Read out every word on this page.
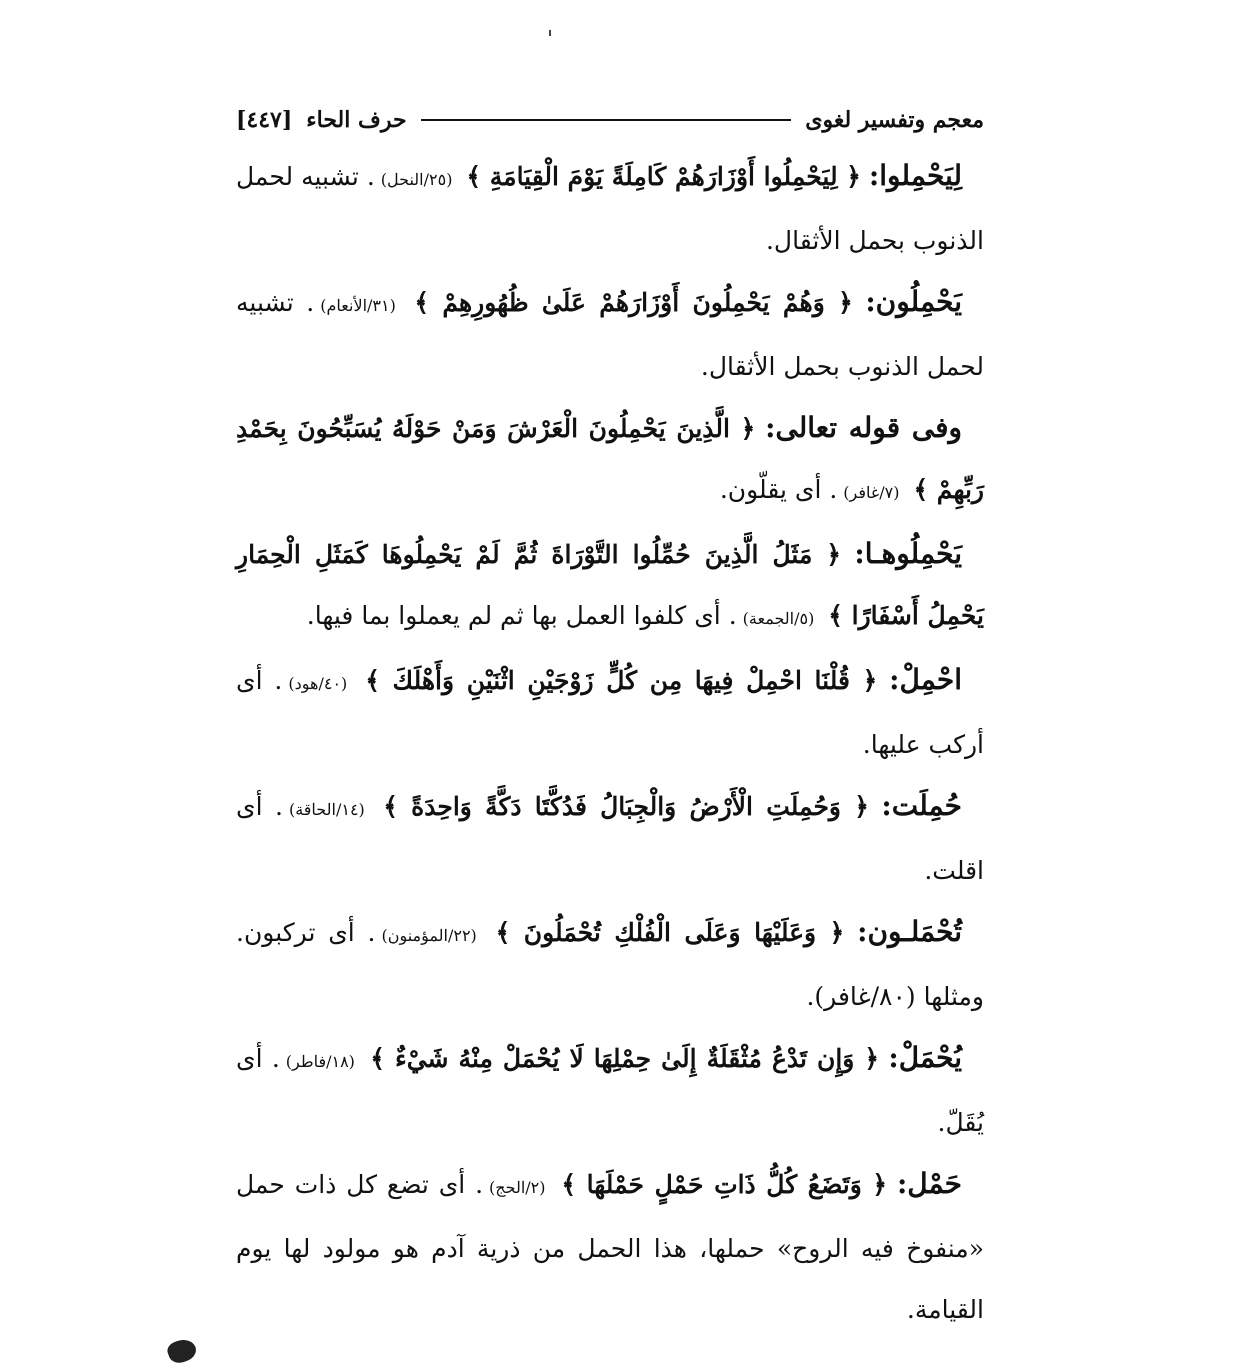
معجم وتفسير لغوى
حرف الحاء
[٤٤٧]
لِيَحْمِلوا: ﴿ لِيَحْمِلُوا أَوْزَارَهُمْ كَامِلَةً يَوْمَ الْقِيَامَةِ ﴾ (٢٥/النحل). تشبيه لحمل الذنوب بحمل الأثقال.
يَحْمِلُون: ﴿ وَهُمْ يَحْمِلُونَ أَوْزَارَهُمْ عَلَىٰ ظُهُورِهِمْ ﴾ (٣١/الأنعام). تشبيه لحمل الذنوب بحمل الأثقال.
وفى قوله تعالى: ﴿ الَّذِينَ يَحْمِلُونَ الْعَرْشَ وَمَنْ حَوْلَهُ يُسَبِّحُونَ بِحَمْدِ رَبِّهِمْ ﴾ (٧/غافر). أى يقلّون.
يَحْمِلُوهـا: ﴿ مَثَلُ الَّذِينَ حُمِّلُوا التَّوْرَاةَ ثُمَّ لَمْ يَحْمِلُوهَا كَمَثَلِ الْحِمَارِ يَحْمِلُ أَسْفَارًا ﴾ (٥/الجمعة). أى كلفوا العمل بها ثم لم يعملوا بما فيها.
احْمِلْ: ﴿ قُلْنَا احْمِلْ فِيهَا مِن كُلٍّ زَوْجَيْنِ اثْنَيْنِ وَأَهْلَكَ ﴾ (٤٠/هود). أى أركب عليها.
حُمِلَت: ﴿ وَحُمِلَتِ الْأَرْضُ وَالْجِبَالُ فَدُكَّتَا دَكَّةً وَاحِدَةً ﴾ (١٤/الحاقة). أى اقلت.
تُحْمَلـون: ﴿ وَعَلَيْهَا وَعَلَى الْفُلْكِ تُحْمَلُونَ ﴾ (٢٢/المؤمنون). أى تركبون. ومثلها (٨٠/غافر).
يُحْمَلْ: ﴿ وَإِن تَدْعُ مُثْقَلَةٌ إِلَىٰ حِمْلِهَا لَا يُحْمَلْ مِنْهُ شَيْءٌ ﴾ (١٨/فاطر). أى يُقَلّ.
حَمْل: ﴿ وَتَضَعُ كُلُّ ذَاتِ حَمْلٍ حَمْلَهَا ﴾ (٢/الحج). أى تضع كل ذات حمل «منفوخ فيه الروح» حملها، هذا الحمل من ذرية آدم هو مولود لها يوم القيامة.
